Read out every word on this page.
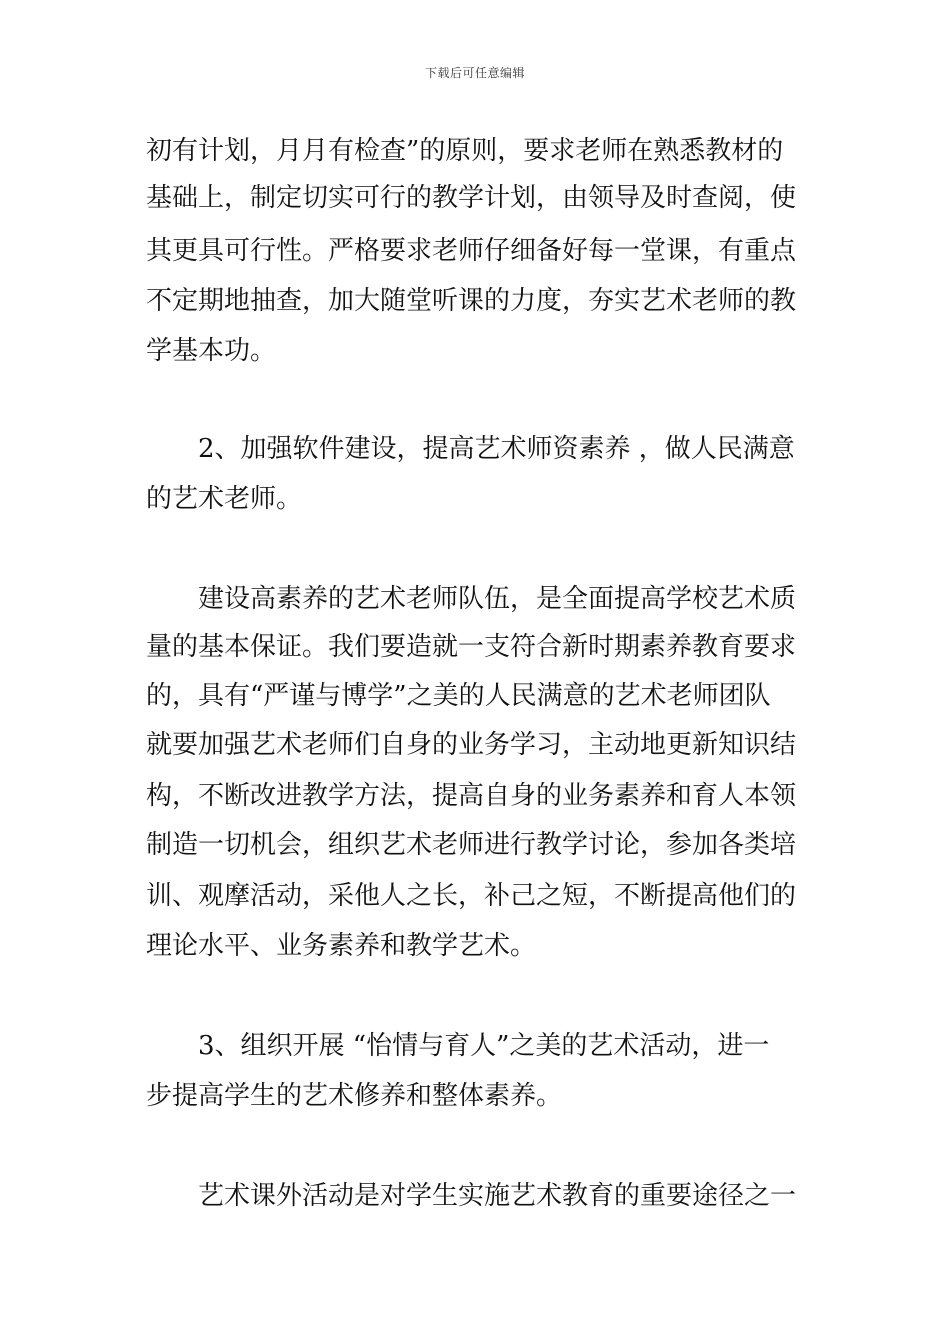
下载后可任意编辑
初有计划，月月有检查”的原则，要求老师在熟悉教材的
基础上，制定切实可行的教学计划，由领导及时查阅，使
其更具可行性。严格要求老师仔细备好每一堂课，有重点
不定期地抽查，加大随堂听课的力度，夯实艺术老师的教
学基本功。
2、加强软件建设，提高艺术师资素养 ，做人民满意
的艺术老师。
建设高素养的艺术老师队伍，是全面提高学校艺术质
量的基本保证。我们要造就一支符合新时期素养教育要求
的，具有“严谨与博学”之美的人民满意的艺术老师团队
就要加强艺术老师们自身的业务学习，主动地更新知识结
构，不断改进教学方法，提高自身的业务素养和育人本领
制造一切机会，组织艺术老师进行教学讨论，参加各类培
训、观摩活动，采他人之长，补己之短，不断提高他们的
理论水平、业务素养和教学艺术。
3、组织开展 “怡情与育人”之美的艺术活动，进一
步提高学生的艺术修养和整体素养。
艺术课外活动是对学生实施艺术教育的重要途径之一
